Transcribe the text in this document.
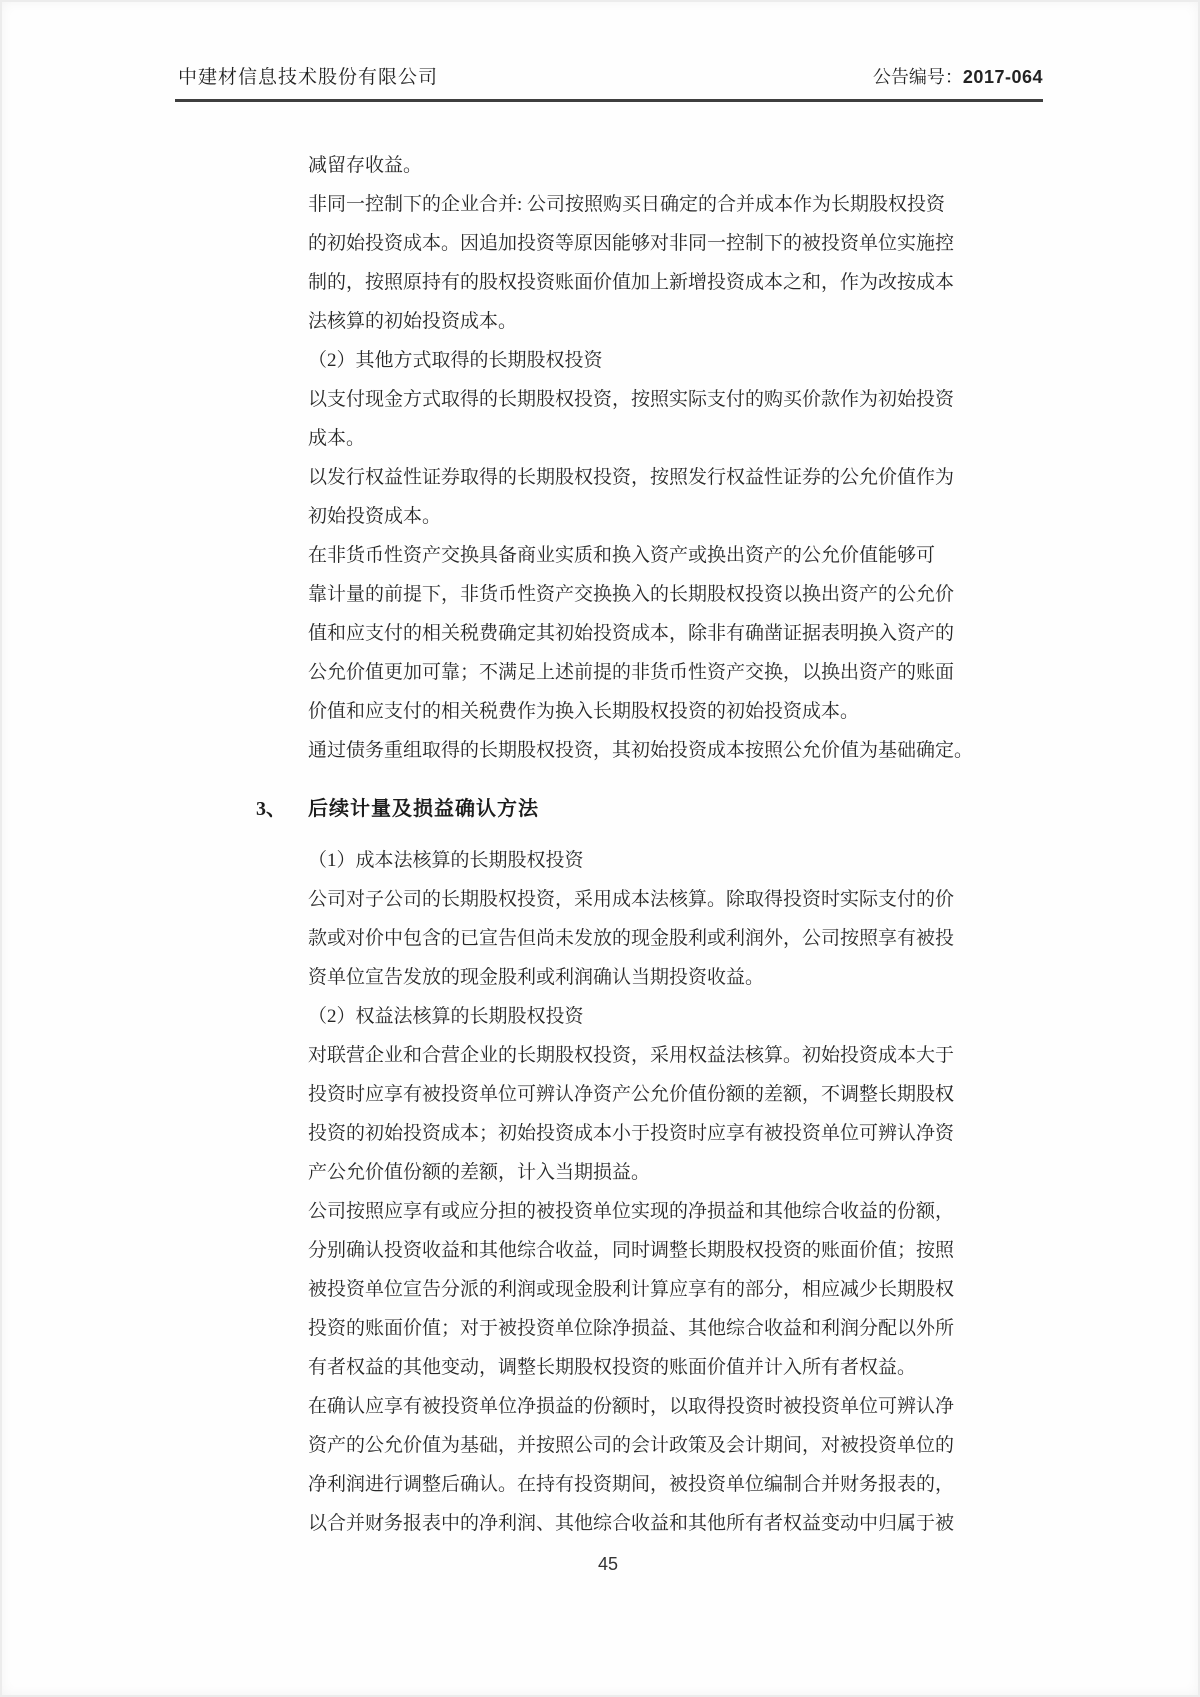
中建材信息技术股份有限公司	公告编号：2017-064
减留存收益。
非同一控制下的企业合并: 公司按照购买日确定的合并成本作为长期股权投资
的初始投资成本。因追加投资等原因能够对非同一控制下的被投资单位实施控
制的，按照原持有的股权投资账面价值加上新增投资成本之和，作为改按成本
法核算的初始投资成本。
（2）其他方式取得的长期股权投资
以支付现金方式取得的长期股权投资，按照实际支付的购买价款作为初始投资
成本。
以发行权益性证券取得的长期股权投资，按照发行权益性证券的公允价值作为
初始投资成本。
在非货币性资产交换具备商业实质和换入资产或换出资产的公允价值能够可
靠计量的前提下，非货币性资产交换换入的长期股权投资以换出资产的公允价
值和应支付的相关税费确定其初始投资成本，除非有确凿证据表明换入资产的
公允价值更加可靠；不满足上述前提的非货币性资产交换，以换出资产的账面
价值和应支付的相关税费作为换入长期股权投资的初始投资成本。
通过债务重组取得的长期股权投资，其初始投资成本按照公允价值为基础确定。
3、 后续计量及损益确认方法
（1）成本法核算的长期股权投资
公司对子公司的长期股权投资，采用成本法核算。除取得投资时实际支付的价
款或对价中包含的已宣告但尚未发放的现金股利或利润外，公司按照享有被投
资单位宣告发放的现金股利或利润确认当期投资收益。
（2）权益法核算的长期股权投资
对联营企业和合营企业的长期股权投资，采用权益法核算。初始投资成本大于
投资时应享有被投资单位可辨认净资产公允价值份额的差额，不调整长期股权
投资的初始投资成本；初始投资成本小于投资时应享有被投资单位可辨认净资
产公允价值份额的差额，计入当期损益。
公司按照应享有或应分担的被投资单位实现的净损益和其他综合收益的份额，
分别确认投资收益和其他综合收益，同时调整长期股权投资的账面价值；按照
被投资单位宣告分派的利润或现金股利计算应享有的部分，相应减少长期股权
投资的账面价值；对于被投资单位除净损益、其他综合收益和利润分配以外所
有者权益的其他变动，调整长期股权投资的账面价值并计入所有者权益。
在确认应享有被投资单位净损益的份额时，以取得投资时被投资单位可辨认净
资产的公允价值为基础，并按照公司的会计政策及会计期间，对被投资单位的
净利润进行调整后确认。在持有投资期间，被投资单位编制合并财务报表的，
以合并财务报表中的净利润、其他综合收益和其他所有者权益变动中归属于被
45
